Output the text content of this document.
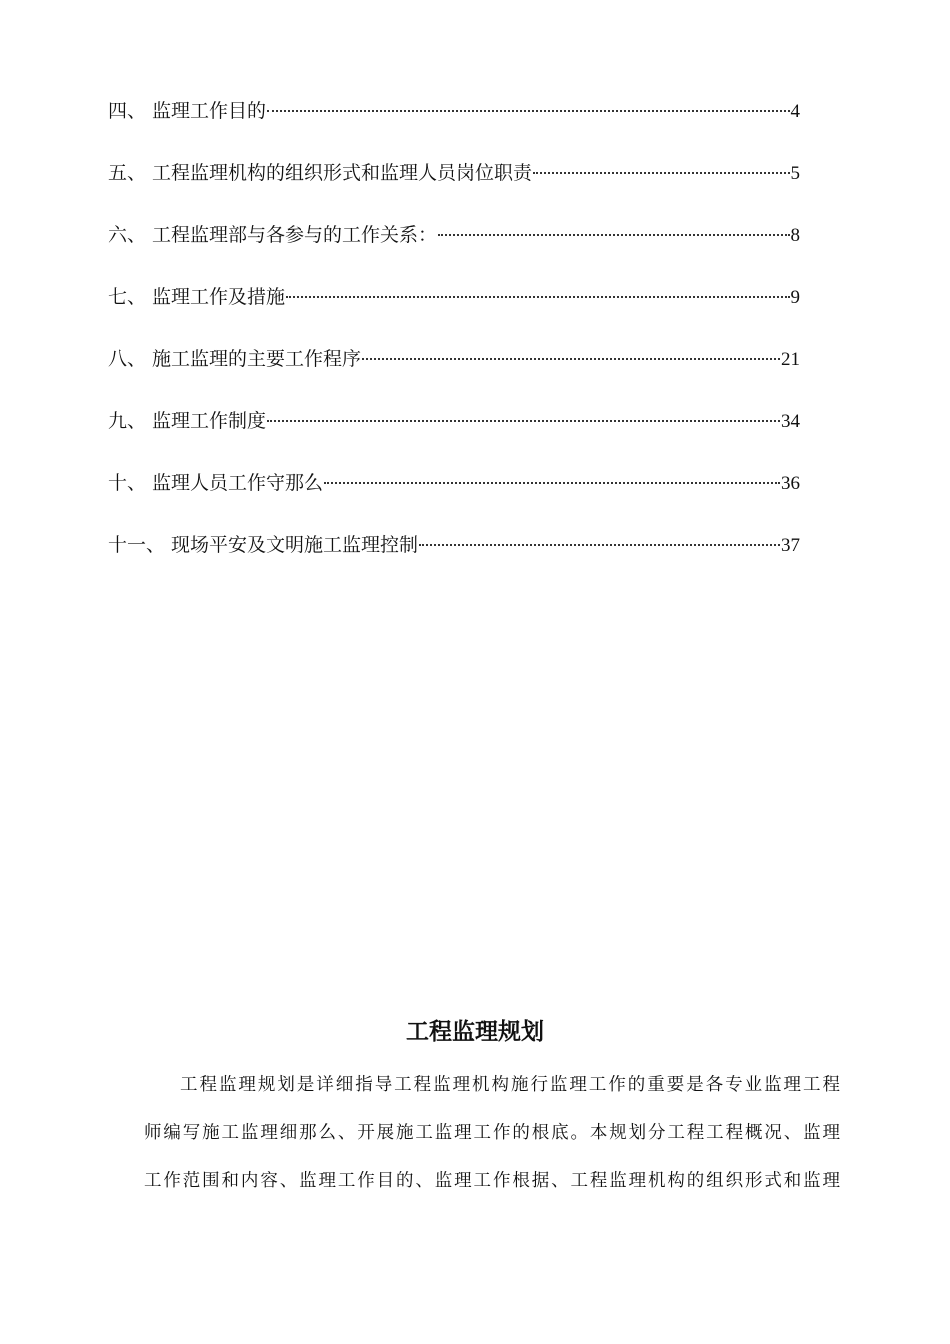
四、 监理工作目的	4
五、 工程监理机构的组织形式和监理人员岗位职责	5
六、 工程监理部与各参与的工作关系：	8
七、 监理工作及措施	9
八、 施工监理的主要工作程序	21
九、 监理工作制度	34
十、 监理人员工作守那么	36
十一、 现场平安及文明施工监理控制	37
工程监理规划
工程监理规划是详细指导工程监理机构施行监理工作的重要是各专业监理工程
师编写施工监理细那么、开展施工监理工作的根底。本规划分工程工程概况、监理
工作范围和内容、监理工作目的、监理工作根据、工程监理机构的组织形式和监理
